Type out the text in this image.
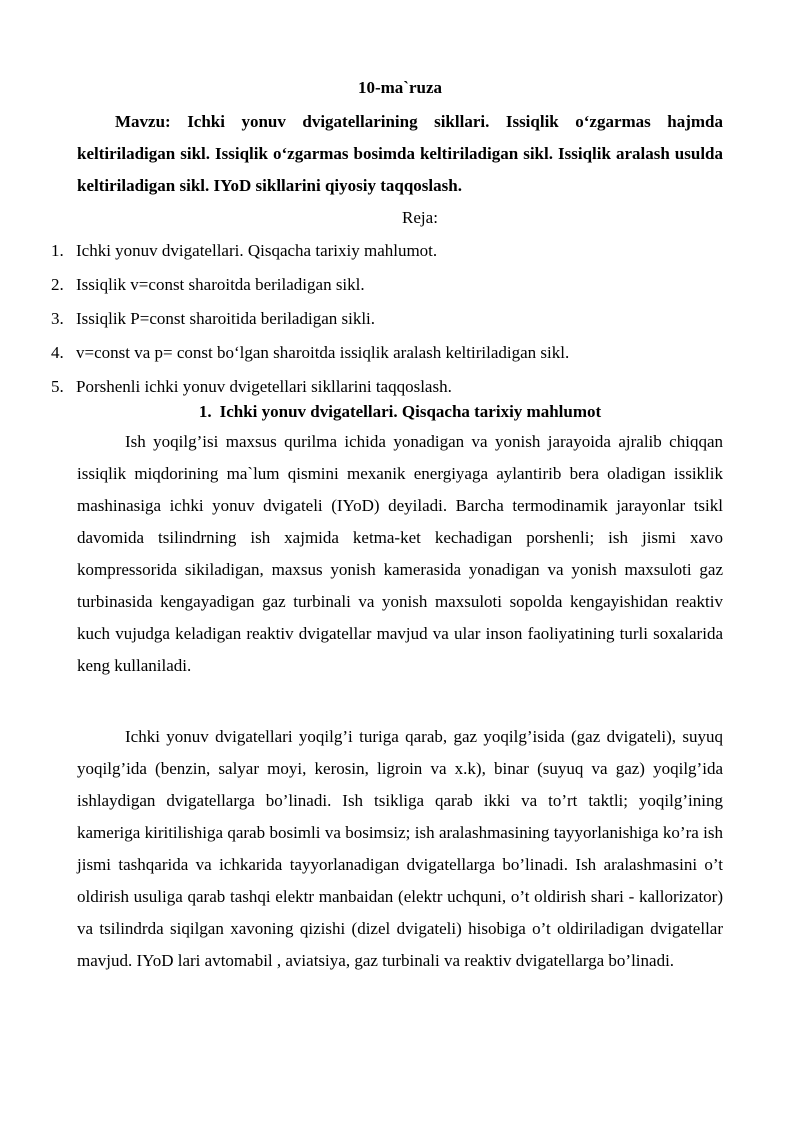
10-ma`ruza

Mavzu: Ichki yonuv dvigatellarining sikllari. Issiqlik o‘zgarmas hajmda keltiriladigan sikl. Issiqlik o‘zgarmas bosimda keltiriladigan sikl. Issiqlik aralash usulda keltiriladigan sikl. IYoD sikllarini qiyosiy taqqoslash.

Reja:
1. Ichki yonuv dvigatellari. Qisqacha tarixiy mahlumot.
2. Issiqlik v=const sharoitda beriladigan sikl.
3. Issiqlik P=const sharoitida beriladigan sikli.
4. v=const va p= const bo‘lgan sharoitda issiqlik aralash keltiriladigan sikl.
5. Porshenli ichki yonuv dvigetellari sikllarini taqqoslash.
1. Ichki yonuv dvigatellari. Qisqacha tarixiy mahlumot

Ish yoqilg’isi maxsus qurilma ichida yonadigan va yonish jarayoida ajralib chiqqan issiqlik miqdorining ma`lum qismini mexanik energiyaga aylantirib bera oladigan issiklik mashinasiga ichki yonuv dvigateli (IYoD) deyiladi. Barcha termodinamik jarayonlar tsikl davomida tsilindrning ish xajmida ketma-ket kechadigan porshenli; ish jismi xavo kompressorida sikiladigan, maxsus yonish kamerasida yonadigan va yonish maxsuloti gaz turbinasida kengayadigan gaz turbinali va yonish maxsuloti sopolda kengayishidan reaktiv kuch vujudga keladigan reaktiv dvigatellar mavjud va ular inson faoliyatining turli soxalarida keng kullaniladi.

Ichki yonuv dvigatellari yoqilg’i turiga qarab, gaz yoqilg’isida (gaz dvigateli), suyuq yoqilg’ida (benzin, salyar moyi, kerosin, ligroin va x.k), binar (suyuq va gaz) yoqilg’ida ishlaydigan dvigatellarga bo’linadi. Ish tsikliga qarab ikki va to’rt taktli; yoqilg’ining kameriga kiritilishiga qarab bosimli va bosimsiz; ish aralashmasining tayyorlanishiga ko’ra ish jismi tashqarida va ichkarida tayyorlanadigan dvigatellarga bo’linadi. Ish aralashmasini o’t oldirish usuliga qarab tashqi elektr manbaidan (elektr uchquni, o’t oldirish shari - kallorizator) va tsilindrda siqilgan xavoning qizishi (dizel dvigateli) hisobiga o’t oldiriladigan dvigatellar mavjud. IYoD lari avtomabil , aviatsiya, gaz turbinali va reaktiv dvigatellarga bo’linadi.
